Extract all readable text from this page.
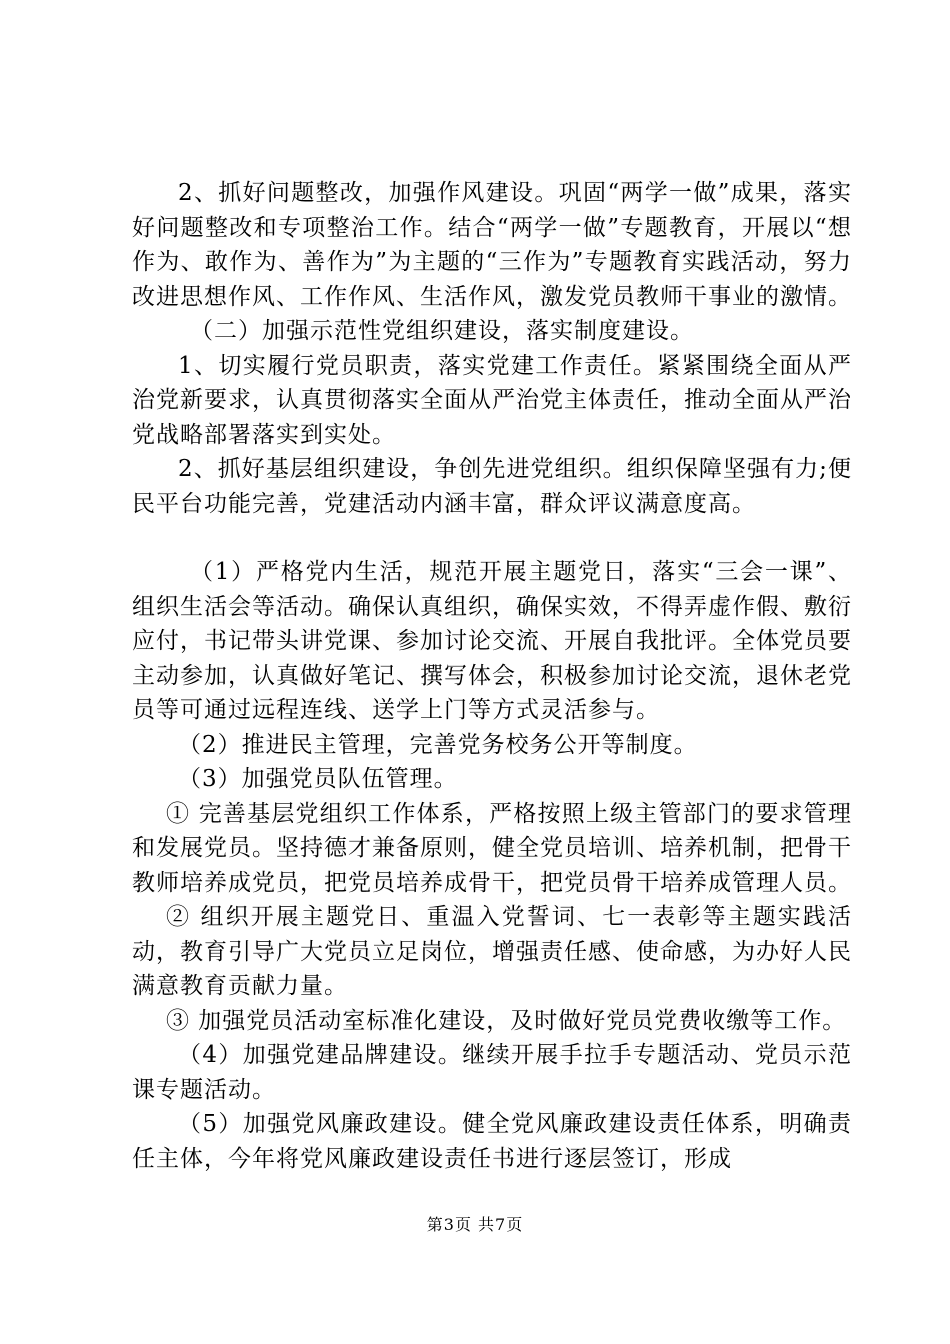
2、抓好问题整改，加强作风建设。巩固“两学一做”成果，落实好问题整改和专项整治工作。结合“两学一做”专题教育，开展以“想作为、敢作为、善作为”为主题的“三作为”专题教育实践活动，努力改进思想作风、工作作风、生活作风，激发党员教师干事业的激情。

（二）加强示范性党组织建设，落实制度建设。

1、切实履行党员职责，落实党建工作责任。紧紧围绕全面从严治党新要求，认真贯彻落实全面从严治党主体责任，推动全面从严治党战略部署落实到实处。

2、抓好基层组织建设，争创先进党组织。组织保障坚强有力;便民平台功能完善，党建活动内涵丰富，群众评议满意度高。

（1）严格党内生活，规范开展主题党日，落实“三会一课”、组织生活会等活动。确保认真组织，确保实效，不得弄虚作假、敷衍应付，书记带头讲党课、参加讨论交流、开展自我批评。全体党员要主动参加，认真做好笔记、撰写体会，积极参加讨论交流，退休老党员等可通过远程连线、送学上门等方式灵活参与。

（2）推进民主管理，完善党务校务公开等制度。

（3）加强党员队伍管理。

① 完善基层党组织工作体系，严格按照上级主管部门的要求管理和发展党员。坚持德才兼备原则，健全党员培训、培养机制，把骨干教师培养成党员，把党员培养成骨干，把党员骨干培养成管理人员。

② 组织开展主题党日、重温入党誓词、七一表彰等主题实践活动，教育引导广大党员立足岗位，增强责任感、使命感，为办好人民满意教育贡献力量。

③ 加强党员活动室标准化建设，及时做好党员党费收缴等工作。

（4）加强党建品牌建设。继续开展手拉手专题活动、党员示范课专题活动。

（5）加强党风廉政建设。健全党风廉政建设责任体系，明确责任主体，今年将党风廉政建设责任书进行逐层签订，形成

第3页 共7页
